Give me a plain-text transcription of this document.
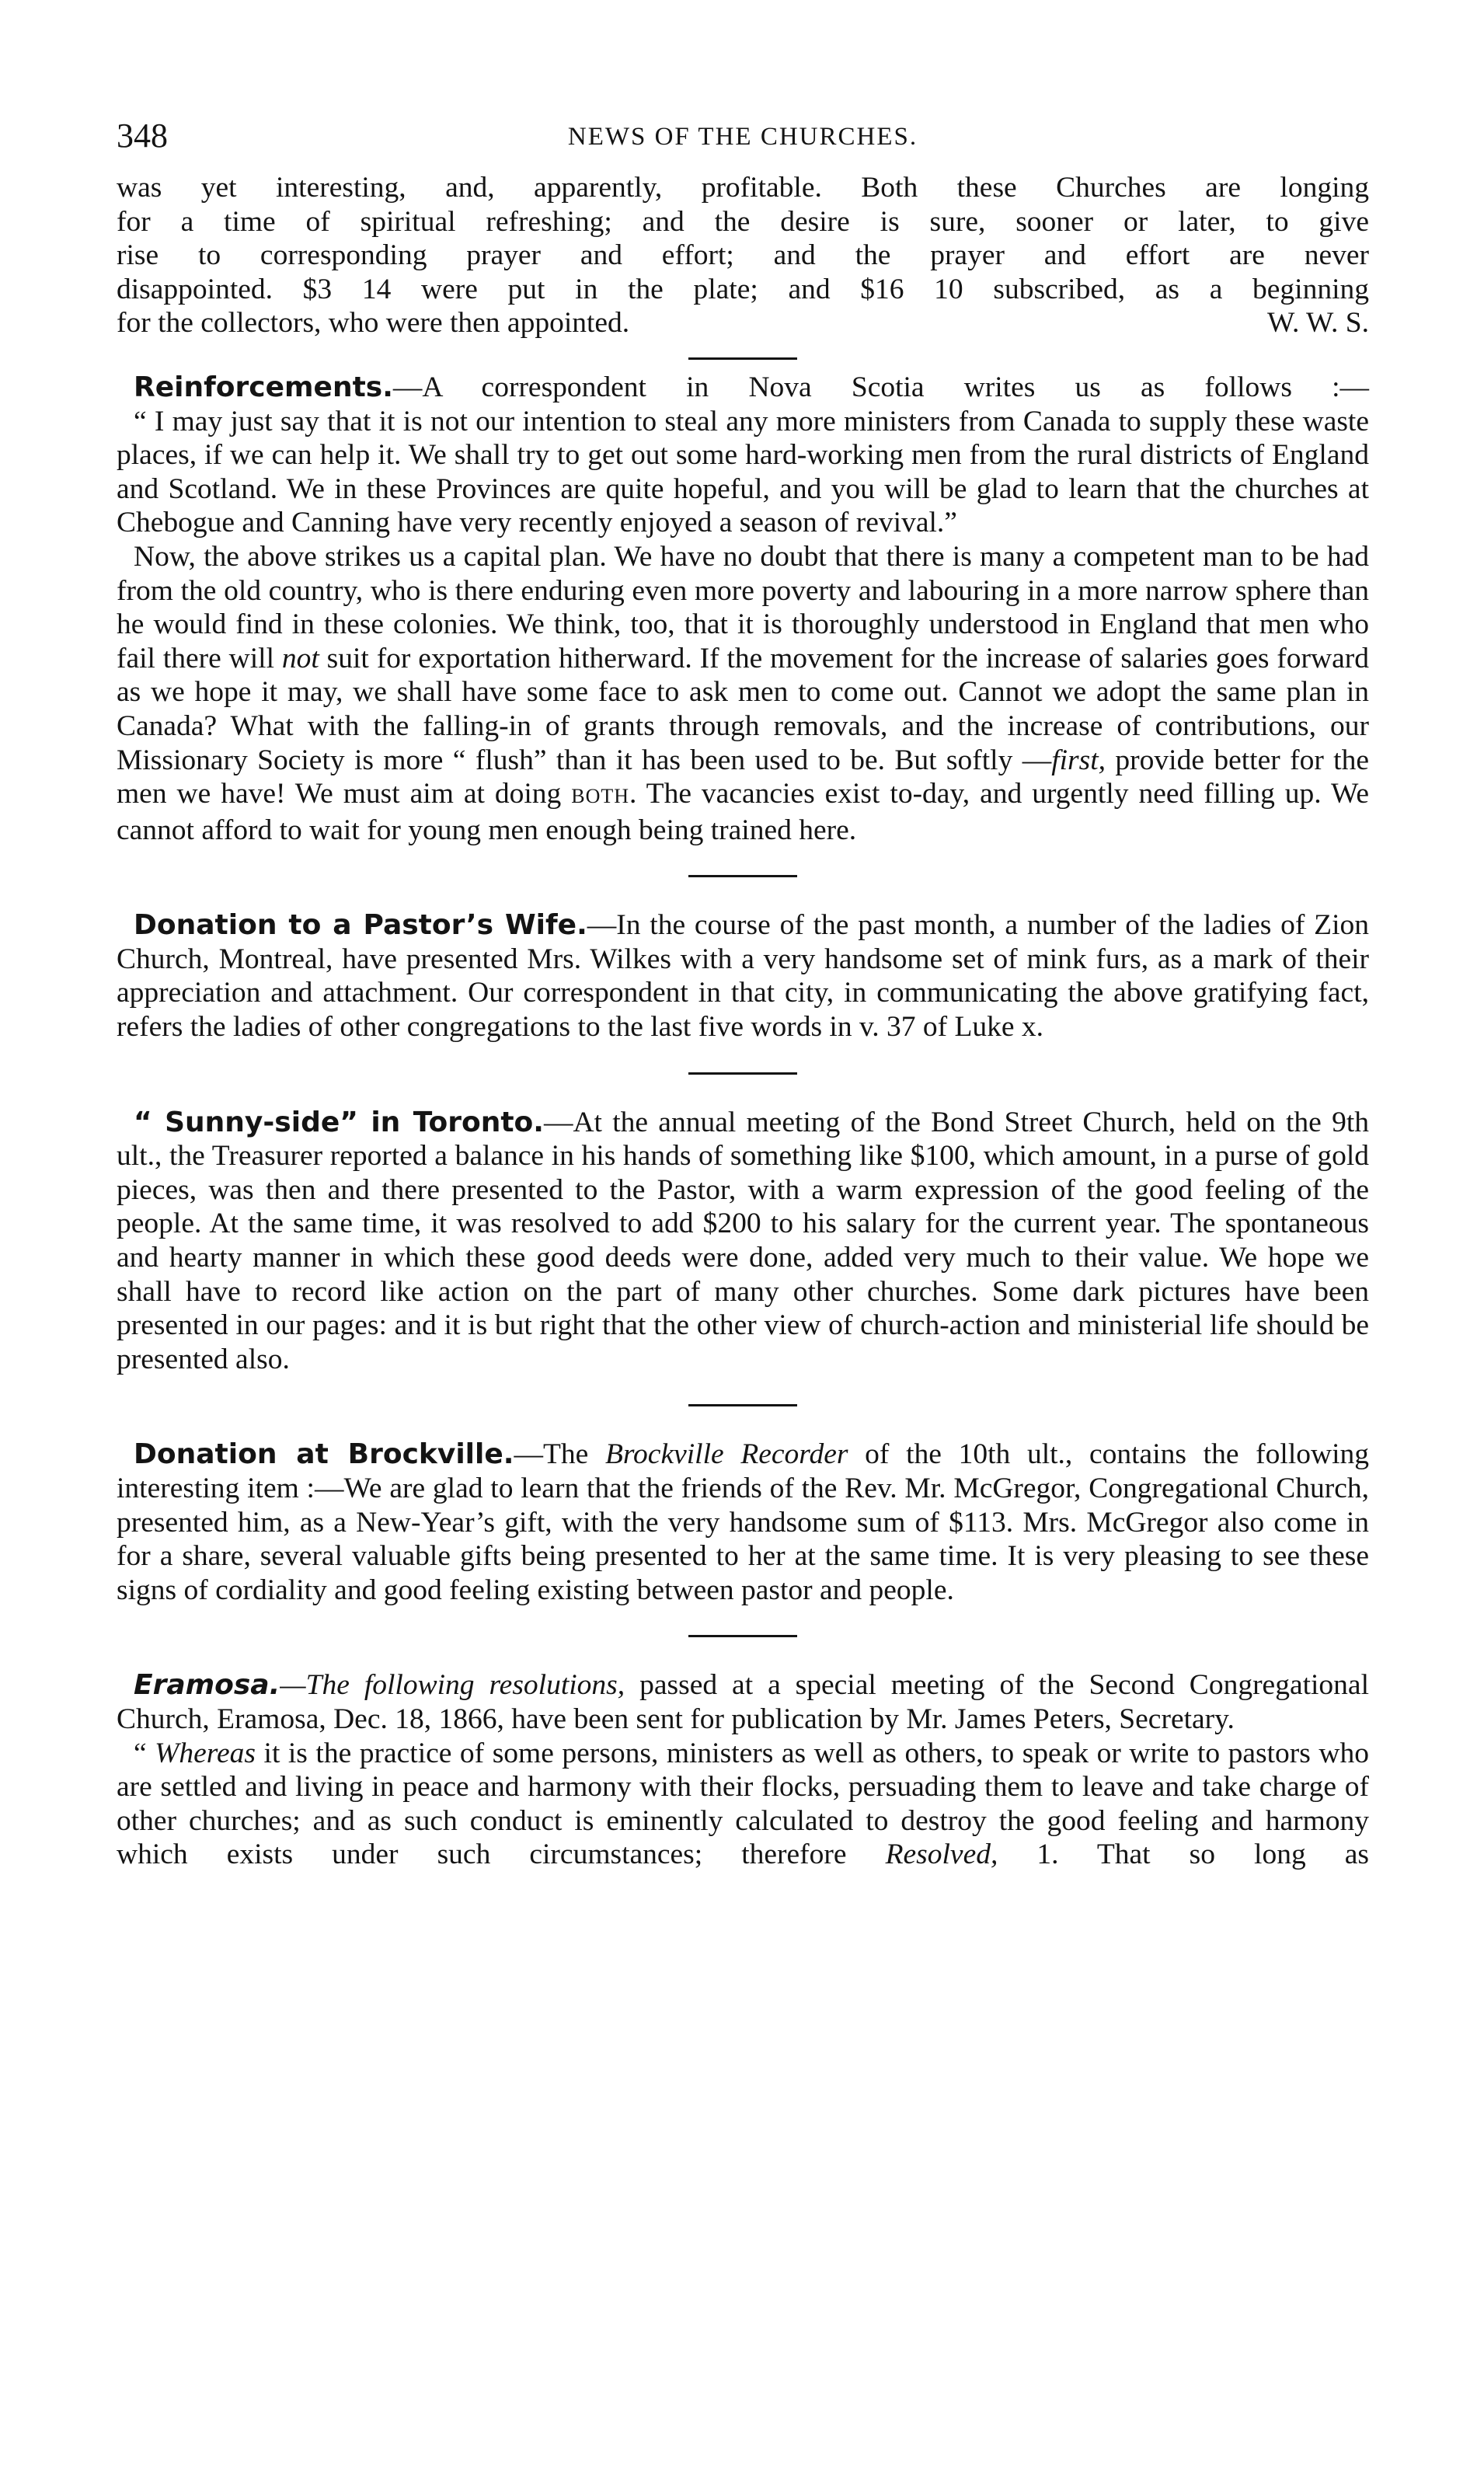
348	NEWS OF THE CHURCHES.

was yet interesting, and, apparently, profitable. Both these Churches are longing

for a time of spiritual refreshing; and the desire is sure, sooner or later, to give

rise to corresponding prayer and effort; and the prayer and effort are never

disappointed. $3 14 were put in the plate; and $16 10 subscribed, as a beginning

W. W. S.
for the collectors, who were then appointed.

Reinforcements.—A correspondent in Nova Scotia writes us as follows :—

“ I may just say that it is not our intention to steal any more ministers from Canada to supply these waste places, if we can help it. We shall try to get out some hard-working men from the rural districts of England and Scotland. We in these Provinces are quite hopeful, and you will be glad to learn that the churches at Chebogue and Canning have very recently enjoyed a season of revival.”

Now, the above strikes us a capital plan. We have no doubt that there is many a competent man to be had from the old country, who is there enduring even more poverty and labouring in a more narrow sphere than he would find in these colonies. We think, too, that it is thoroughly understood in England that men who fail there will not suit for exportation hitherward. If the movement for the increase of salaries goes forward as we hope it may, we shall have some face to ask men to come out. Cannot we adopt the same plan in Canada? What with the falling-in of grants through removals, and the increase of contributions, our Missionary Society is more “ flush” than it has been used to be. But softly —first, provide better for the men we have! We must aim at doing BOTH. The vacancies exist to-day, and urgently need filling up. We cannot afford to wait for young men enough being trained here.

Donation to a Pastor’s Wife.—In the course of the past month, a number of the ladies of Zion Church, Montreal, have presented Mrs. Wilkes with a very handsome set of mink furs, as a mark of their appreciation and attachment. Our correspondent in that city, in communicating the above gratifying fact, refers the ladies of other congregations to the last five words in v. 37 of Luke x.

“ Sunny-side” in Toronto.—At the annual meeting of the Bond Street Church, held on the 9th ult., the Treasurer reported a balance in his hands of something like $100, which amount, in a purse of gold pieces, was then and there presented to the Pastor, with a warm expression of the good feeling of the people. At the same time, it was resolved to add $200 to his salary for the current year. The spontaneous and hearty manner in which these good deeds were done, added very much to their value. We hope we shall have to record like action on the part of many other churches. Some dark pictures have been presented in our pages: and it is but right that the other view of church-action and ministerial life should be presented also.

Donation at Brockville.—The Brockville Recorder of the 10th ult., contains the following interesting item :—We are glad to learn that the friends of the Rev. Mr. McGregor, Congregational Church, presented him, as a New-Year’s gift, with the very handsome sum of $113. Mrs. McGregor also come in for a share, several valuable gifts being presented to her at the same time. It is very pleasing to see these signs of cordiality and good feeling existing between pastor and people.

Eramosa.—The following resolutions, passed at a special meeting of the Second Congregational Church, Eramosa, Dec. 18, 1866, have been sent for publication by Mr. James Peters, Secretary.

“ Whereas it is the practice of some persons, ministers as well as others, to speak or write to pastors who are settled and living in peace and harmony with their flocks, persuading them to leave and take charge of other churches; and as such conduct is eminently calculated to destroy the good feeling and harmony which exists under such circumstances; therefore Resolved, 1. That so long as
